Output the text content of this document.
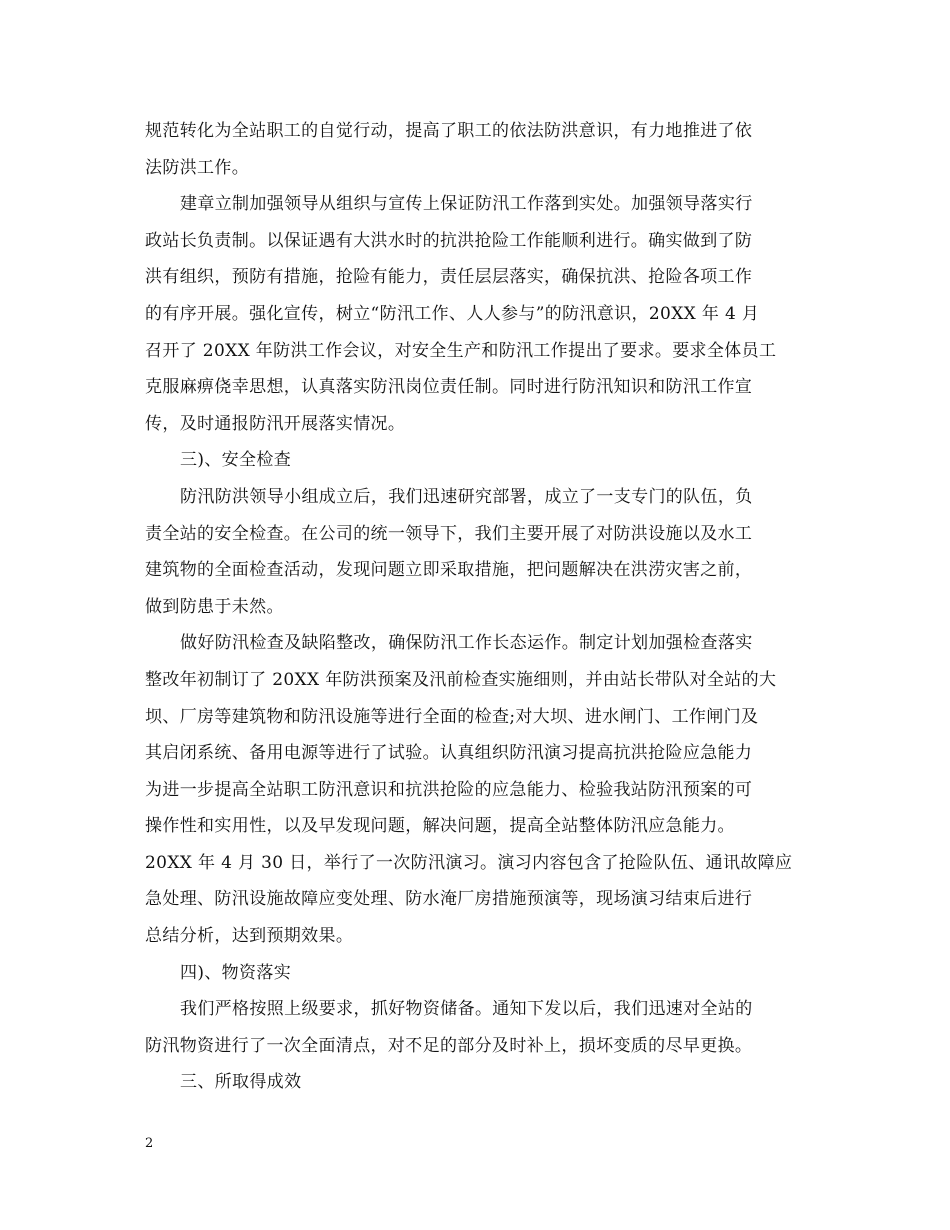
规范转化为全站职工的自觉行动，提高了职工的依法防洪意识，有力地推进了依
法防洪工作。
建章立制加强领导从组织与宣传上保证防汛工作落到实处。加强领导落实行
政站长负责制。以保证遇有大洪水时的抗洪抢险工作能顺利进行。确实做到了防
洪有组织，预防有措施，抢险有能力，责任层层落实，确保抗洪、抢险各项工作
的有序开展。强化宣传，树立“防汛工作、人人参与”的防汛意识，20XX 年 4 月
召开了 20XX 年防洪工作会议，对安全生产和防汛工作提出了要求。要求全体员工
克服麻痹侥幸思想，认真落实防汛岗位责任制。同时进行防汛知识和防汛工作宣
传，及时通报防汛开展落实情况。
三)、安全检查
防汛防洪领导小组成立后，我们迅速研究部署，成立了一支专门的队伍，负
责全站的安全检查。在公司的统一领导下，我们主要开展了对防洪设施以及水工
建筑物的全面检查活动，发现问题立即采取措施，把问题解决在洪涝灾害之前，
做到防患于未然。
做好防汛检查及缺陷整改，确保防汛工作长态运作。制定计划加强检查落实
整改年初制订了 20XX 年防洪预案及汛前检查实施细则，并由站长带队对全站的大
坝、厂房等建筑物和防汛设施等进行全面的检查;对大坝、进水闸门、工作闸门及
其启闭系统、备用电源等进行了试验。认真组织防汛演习提高抗洪抢险应急能力
为进一步提高全站职工防汛意识和抗洪抢险的应急能力、检验我站防汛预案的可
操作性和实用性，以及早发现问题，解决问题，提高全站整体防汛应急能力。
20XX 年 4 月 30 日，举行了一次防汛演习。演习内容包含了抢险队伍、通讯故障应
急处理、防汛设施故障应变处理、防水淹厂房措施预演等，现场演习结束后进行
总结分析，达到预期效果。
四)、物资落实
我们严格按照上级要求，抓好物资储备。通知下发以后，我们迅速对全站的
防汛物资进行了一次全面清点，对不足的部分及时补上，损坏变质的尽早更换。
三、所取得成效
2
